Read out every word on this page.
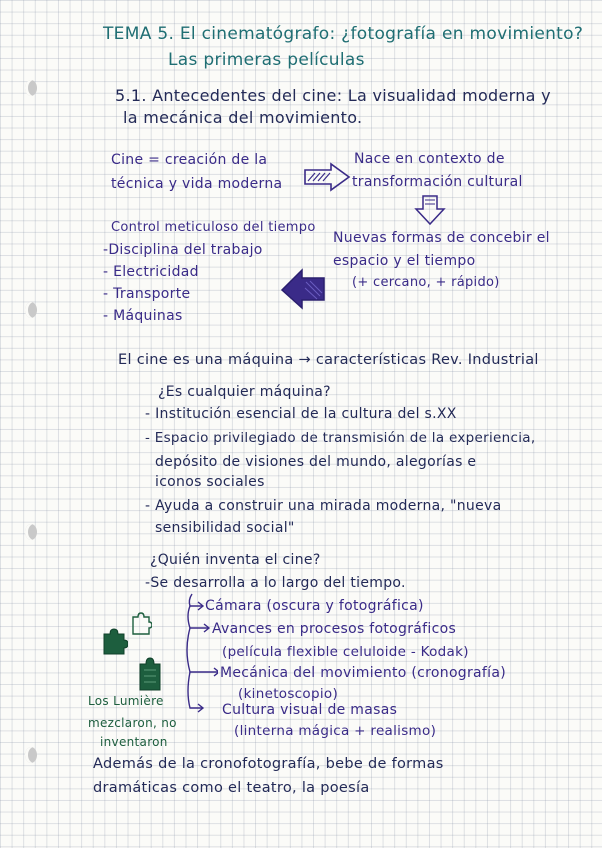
TEMA 5. El cinematógrafo: ¿fotografía en movimiento?
Las primeras películas
5.1. Antecedentes del cine: La visualidad moderna y
la mecánica del movimiento.
Cine = creación de la
técnica y vida moderna
Nace en contexto de
transformación cultural
Control meticuloso del tiempo
-Disciplina del trabajo
- Electricidad
- Transporte
- Máquinas
Nuevas formas de concebir el
espacio y el tiempo
(+ cercano, + rápido)
El cine es una máquina → características Rev. Industrial
¿Es cualquier máquina?
- Institución esencial de la cultura del s.XX
- Espacio privilegiado de transmisión de la experiencia,
depósito de visiones del mundo, alegorías e
iconos sociales
- Ayuda a construir una mirada moderna, "nueva
sensibilidad social"
¿Quién inventa el cine?
-Se desarrolla a lo largo del tiempo.
Cámara (oscura y fotográfica)
Avances en procesos fotográficos
(película flexible celuloide - Kodak)
Mecánica del movimiento (cronografía)
(kinetoscopio)
Cultura visual de masas
(linterna mágica + realismo)
Los Lumière
mezclaron, no
inventaron
Además de la cronofotografía, bebe de formas
dramáticas como el teatro, la poesía
